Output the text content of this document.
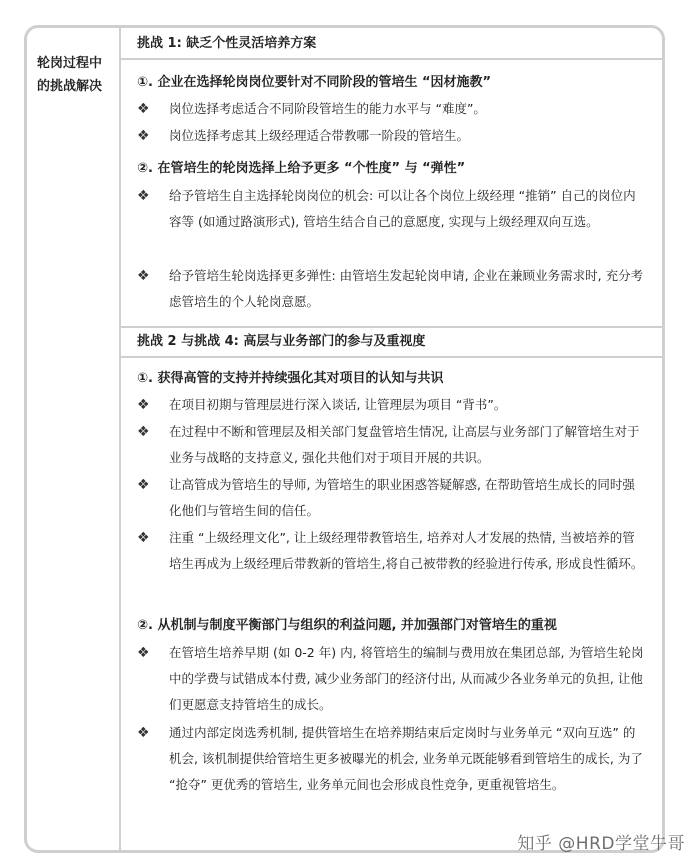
轮岗过程中的挑战解决
挑战 1: 缺乏个性灵活培养方案
①. 企业在选择轮岗岗位要针对不同阶段的管培生 “因材施教”
❖	岗位选择考虑适合不同阶段管培生的能力水平与 “难度”。
❖	岗位选择考虑其上级经理适合带教哪一阶段的管培生。
②. 在管培生的轮岗选择上给予更多 “个性度” 与 “弹性”
❖	给予管培生自主选择轮岗岗位的机会: 可以让各个岗位上级经理 “推销” 自己的岗位内容等 (如通过路演形式), 管培生结合自己的意愿度, 实现与上级经理双向互选。
❖	给予管培生轮岗选择更多弹性: 由管培生发起轮岗申请, 企业在兼顾业务需求时, 充分考虑管培生的个人轮岗意愿。
挑战 2 与挑战 4: 高层与业务部门的参与及重视度
①. 获得高管的支持并持续强化其对项目的认知与共识
❖	在项目初期与管理层进行深入谈话, 让管理层为项目 “背书”。
❖	在过程中不断和管理层及相关部门复盘管培生情况, 让高层与业务部门了解管培生对于业务与战略的支持意义, 强化共他们对于项目开展的共识。
❖	让高管成为管培生的导师, 为管培生的职业困惑答疑解惑, 在帮助管培生成长的同时强化他们与管培生间的信任。
❖	注重 “上级经理文化”, 让上级经理带教管培生, 培养对人才发展的热情, 当被培养的管培生再成为上级经理后带教新的管培生,将自己被带教的经验进行传承, 形成良性循环。
②. 从机制与制度平衡部门与组织的利益问题, 并加强部门对管培生的重视
❖	在管培生培养早期 (如 0-2 年) 内, 将管培生的编制与费用放在集团总部, 为管培生轮岗中的学费与试错成本付费, 减少业务部门的经济付出, 从而减少各业务单元的负担, 让他们更愿意支持管培生的成长。
❖	通过内部定岗选秀机制, 提供管培生在培养期结束后定岗时与业务单元 “双向互选” 的机会, 该机制提供给管培生更多被曝光的机会, 业务单元既能够看到管培生的成长, 为了 “抢夺” 更优秀的管培生, 业务单元间也会形成良性竞争, 更重视管培生。
知乎 @HRD学堂牛哥
